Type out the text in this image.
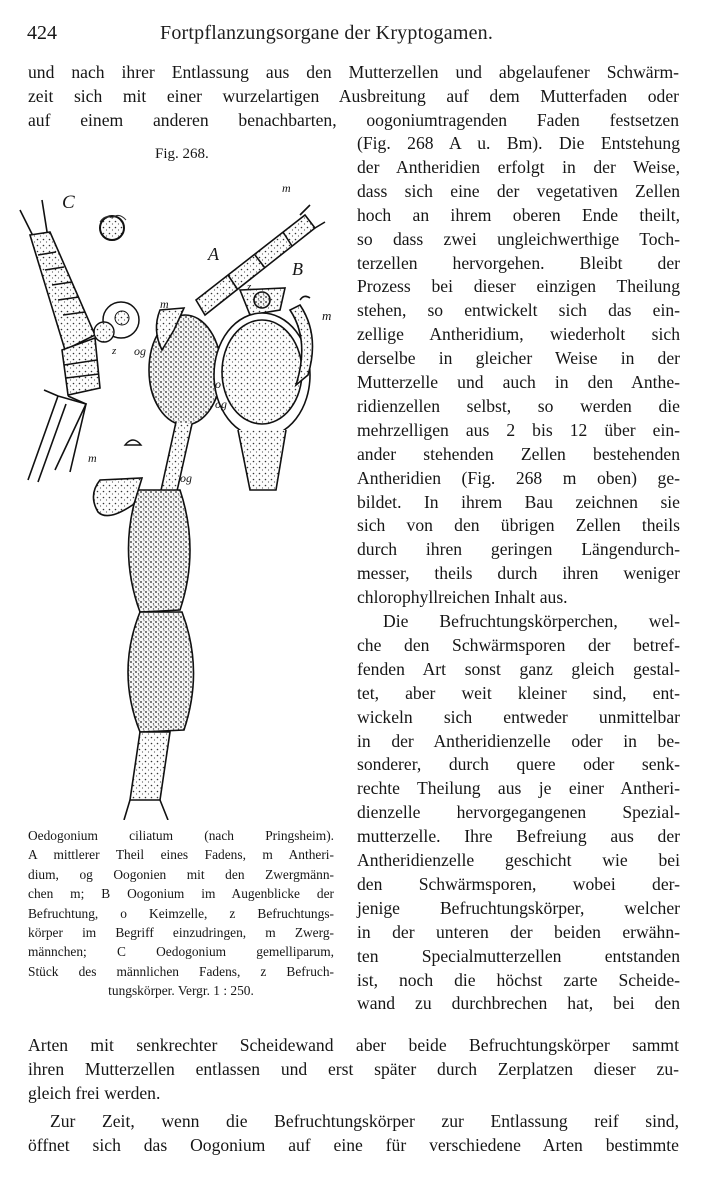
424	Fortpflanzungsorgane der Kryptogamen.
und nach ihrer Entlassung aus den Mutterzellen und abgelaufener Schwärm-
zeit sich mit einer wurzelartigen Ausbreitung auf dem Mutterfaden oder
auf einem anderen benachbarten, oogoniumtragenden Faden festsetzen
Fig. 268.
(Fig. 268 A u. Bm). Die Entstehung
der Antheridien erfolgt in der Weise,
dass sich eine der vegetativen Zellen
hoch an ihrem oberen Ende theilt,
so dass zwei ungleichwerthige Toch-
terzellen hervorgehen. Bleibt der
Prozess bei dieser einzigen Theilung
stehen, so entwickelt sich das ein-
zellige Antheridium, wiederholt sich
derselbe in gleicher Weise in der
Mutterzelle und auch in den Anthe-
ridienzellen selbst, so werden die
mehrzelligen aus 2 bis 12 über ein-
ander stehenden Zellen bestehenden
Antheridien (Fig. 268 m oben) ge-
bildet. In ihrem Bau zeichnen sie
sich von den übrigen Zellen theils
durch ihren geringen Längendurch-
messer, theils durch ihren weniger
chlorophyllreichen Inhalt aus.
Die Befruchtungskörperchen, wel-
che den Schwärmsporen der betref-
fenden Art sonst ganz gleich gestal-
tet, aber weit kleiner sind, ent-
wickeln sich entweder unmittelbar
in der Antheridienzelle oder in be-
sonderer, durch quere oder senk-
rechte Theilung aus je einer Antheri-
dienzelle hervorgegangenen Spezial-
mutterzelle. Ihre Befreiung aus der
Antheridienzelle geschicht wie bei
den Schwärmsporen, wobei der-
jenige Befruchtungskörper, welcher
in der unteren der beiden erwähn-
ten Specialmutterzellen entstanden
ist, noch die höchst zarte Scheide-
wand zu durchbrechen hat, bei den
C
A
B
m
m
m
m
og
og
og
o
z
z
Oedogonium ciliatum (nach Pringsheim).
A mittlerer Theil eines Fadens, m Antheri-
dium, og Oogonien mit den Zwergmänn-
chen m; B Oogonium im Augenblicke der
Befruchtung, o Keimzelle, z Befruchtungs-
körper im Begriff einzudringen, m Zwerg-
männchen; C Oedogonium gemelliparum,
Stück des männlichen Fadens, z Befruch-
tungskörper. Vergr. 1 : 250.
Arten mit senkrechter Scheidewand aber beide Befruchtungskörper sammt
ihren Mutterzellen entlassen und erst später durch Zerplatzen dieser zu-
gleich frei werden.
Zur Zeit, wenn die Befruchtungskörper zur Entlassung reif sind,
öffnet sich das Oogonium auf eine für verschiedene Arten bestimmte
